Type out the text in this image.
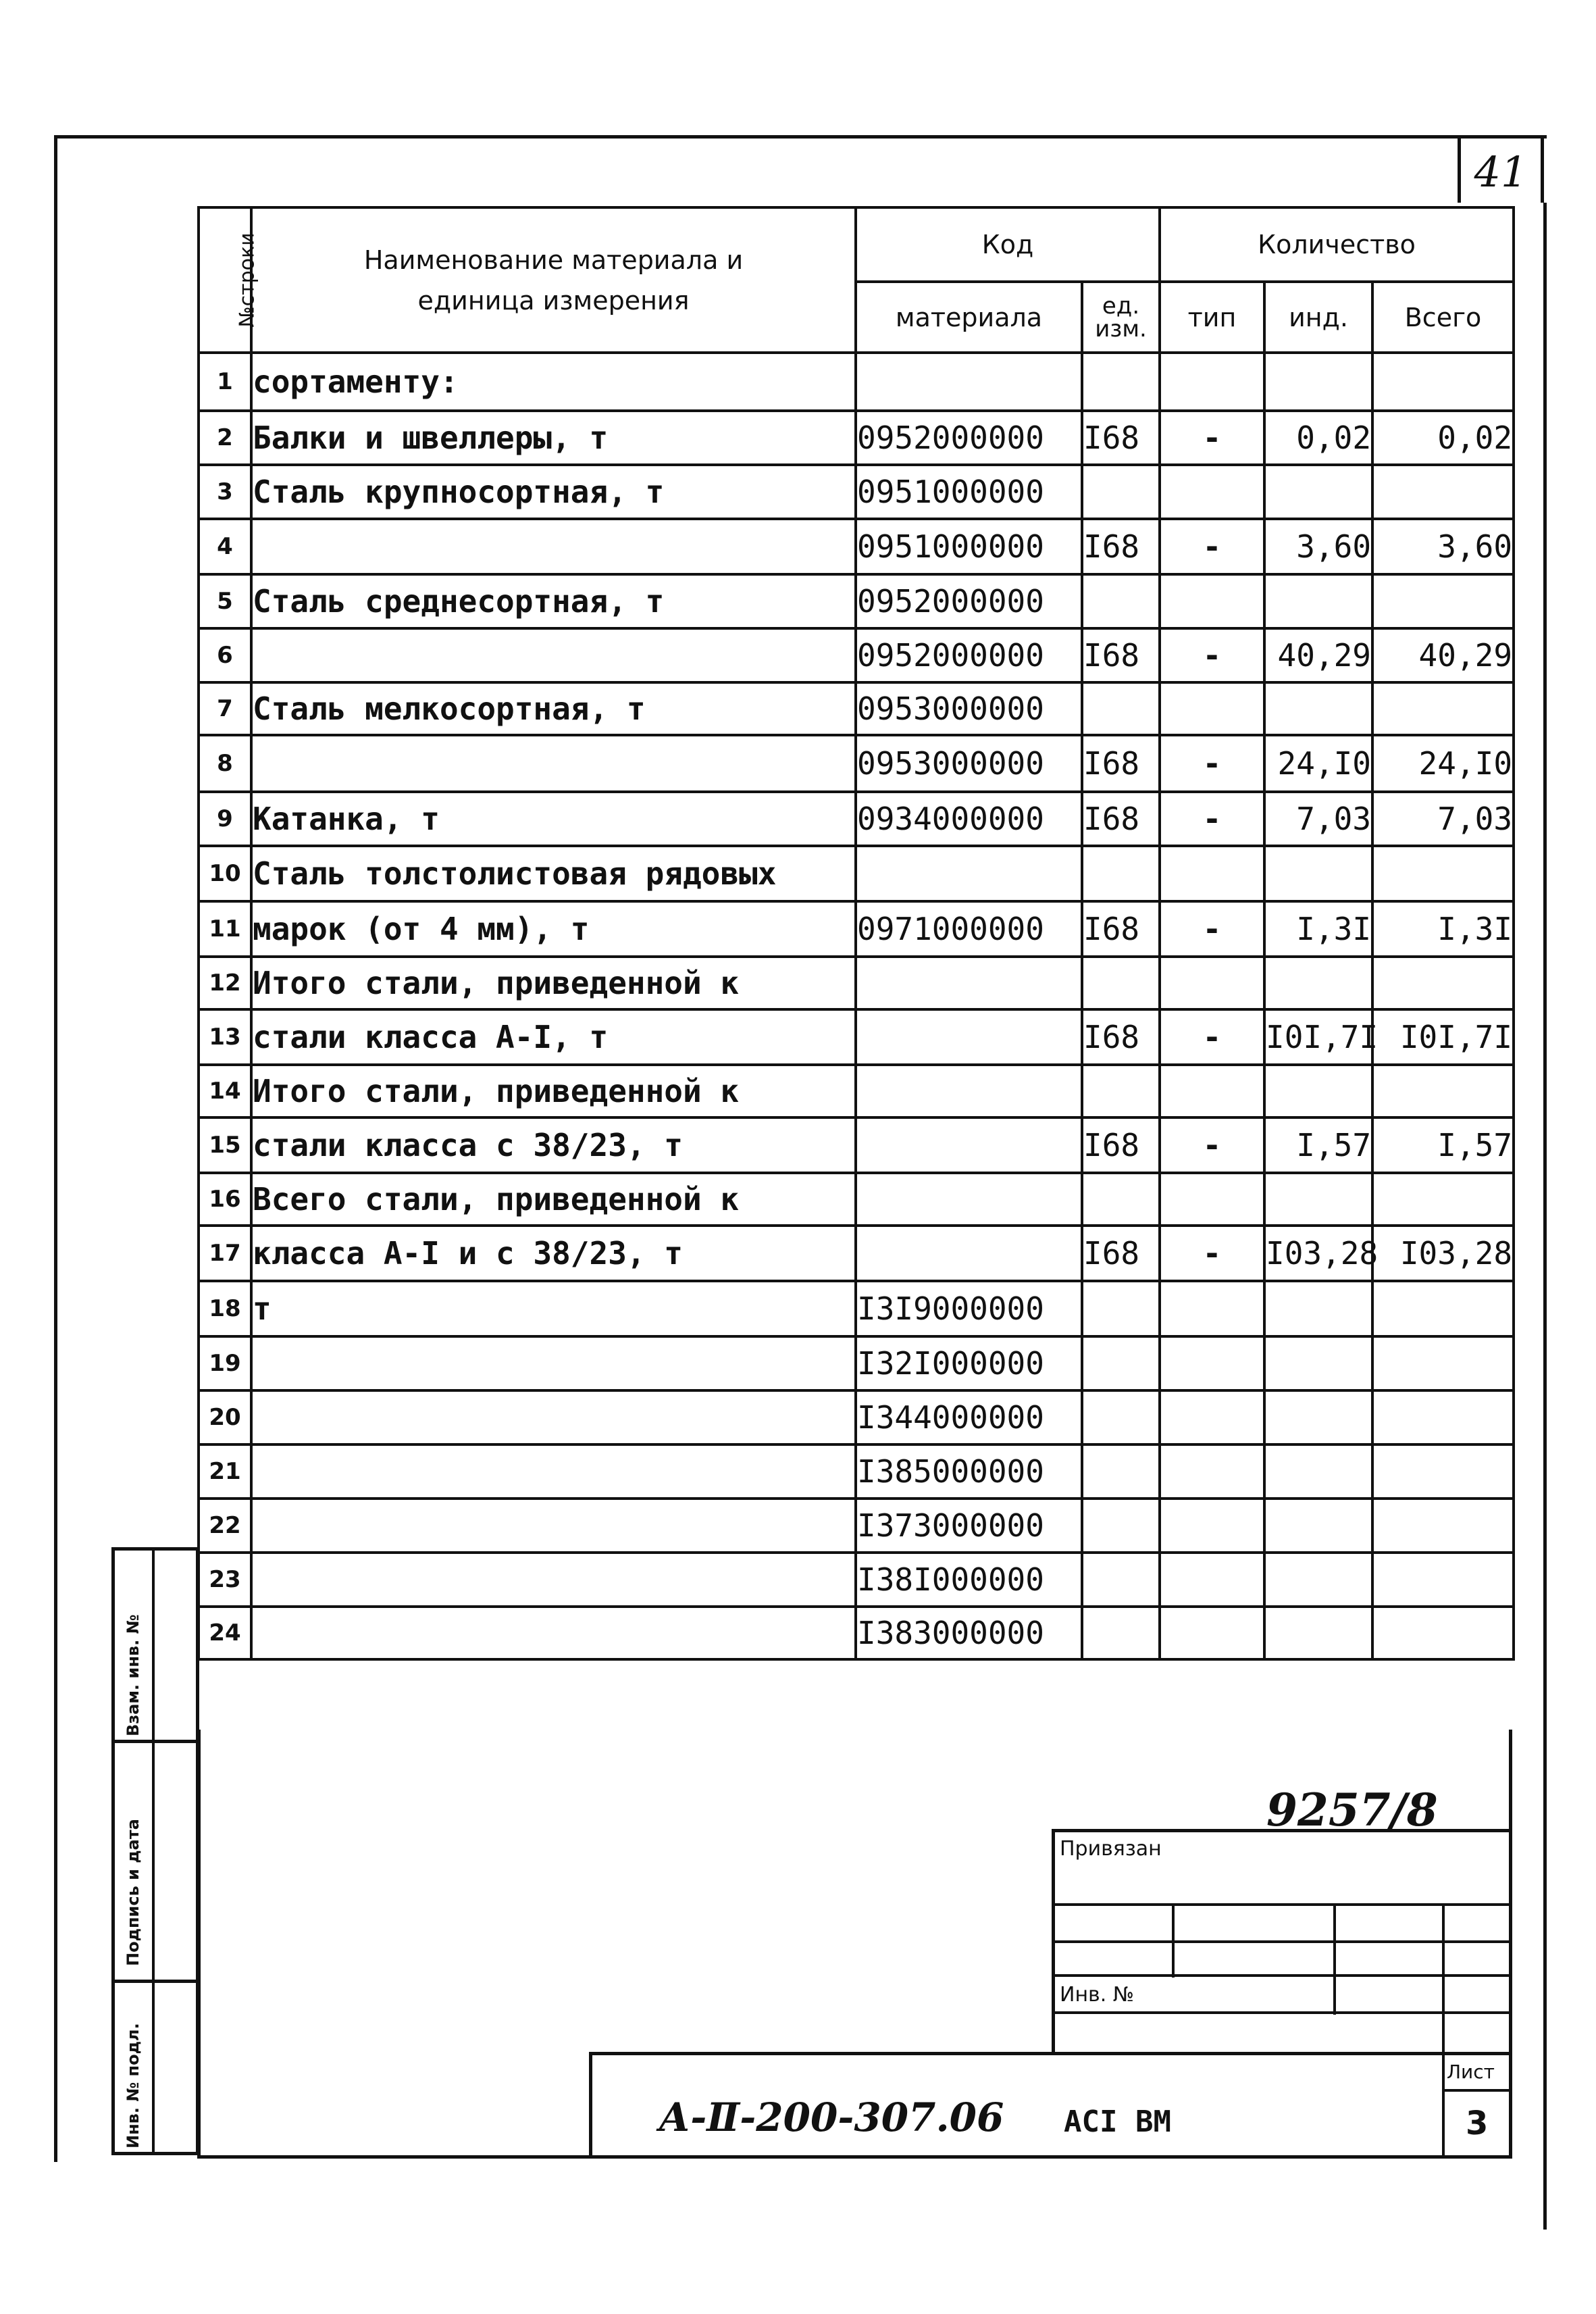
41
№строки	Наименование материала и единица измерения	Код		Количество		
		материала	ед. изм.	тип	инд.	Всего
1	сортаменту:					
2	Балки и швеллеры, т	0952000000	I68	-	0,02	0,02
3	Сталь крупносортная, т	0951000000				
4		0951000000	I68	-	3,60	3,60
5	Сталь среднесортная, т	0952000000				
6		0952000000	I68	-	40,29	40,29
7	Сталь мелкосортная, т	0953000000				
8		0953000000	I68	-	24,I0	24,I0
9	Катанка, т	0934000000	I68	-	7,03	7,03
10	Сталь толстолистовая рядовых					
11	марок (от 4 мм), т	0971000000	I68	-	I,3I	I,3I
12	Итого стали, приведенной к					
13	стали класса А-I, т		I68	-	I0I,7I	I0I,7I
14	Итого стали, приведенной к					
15	стали класса с 38/23, т		I68	-	I,57	I,57
16	Всего стали, приведенной к					
17	класса А-I и с 38/23, т		I68	-	I03,28	I03,28
18	т	I3I9000000				
19		I32I000000				
20		I344000000				
21		I385000000				
22		I373000000				
23		I38I000000				
24		I383000000				
Взам. инв. №
Подпись и дата
Инв. № подл.
9257/8
Привязан
Инв. №
Лист
3
А-Ⅱ-200-307.06 АСI ВМ
